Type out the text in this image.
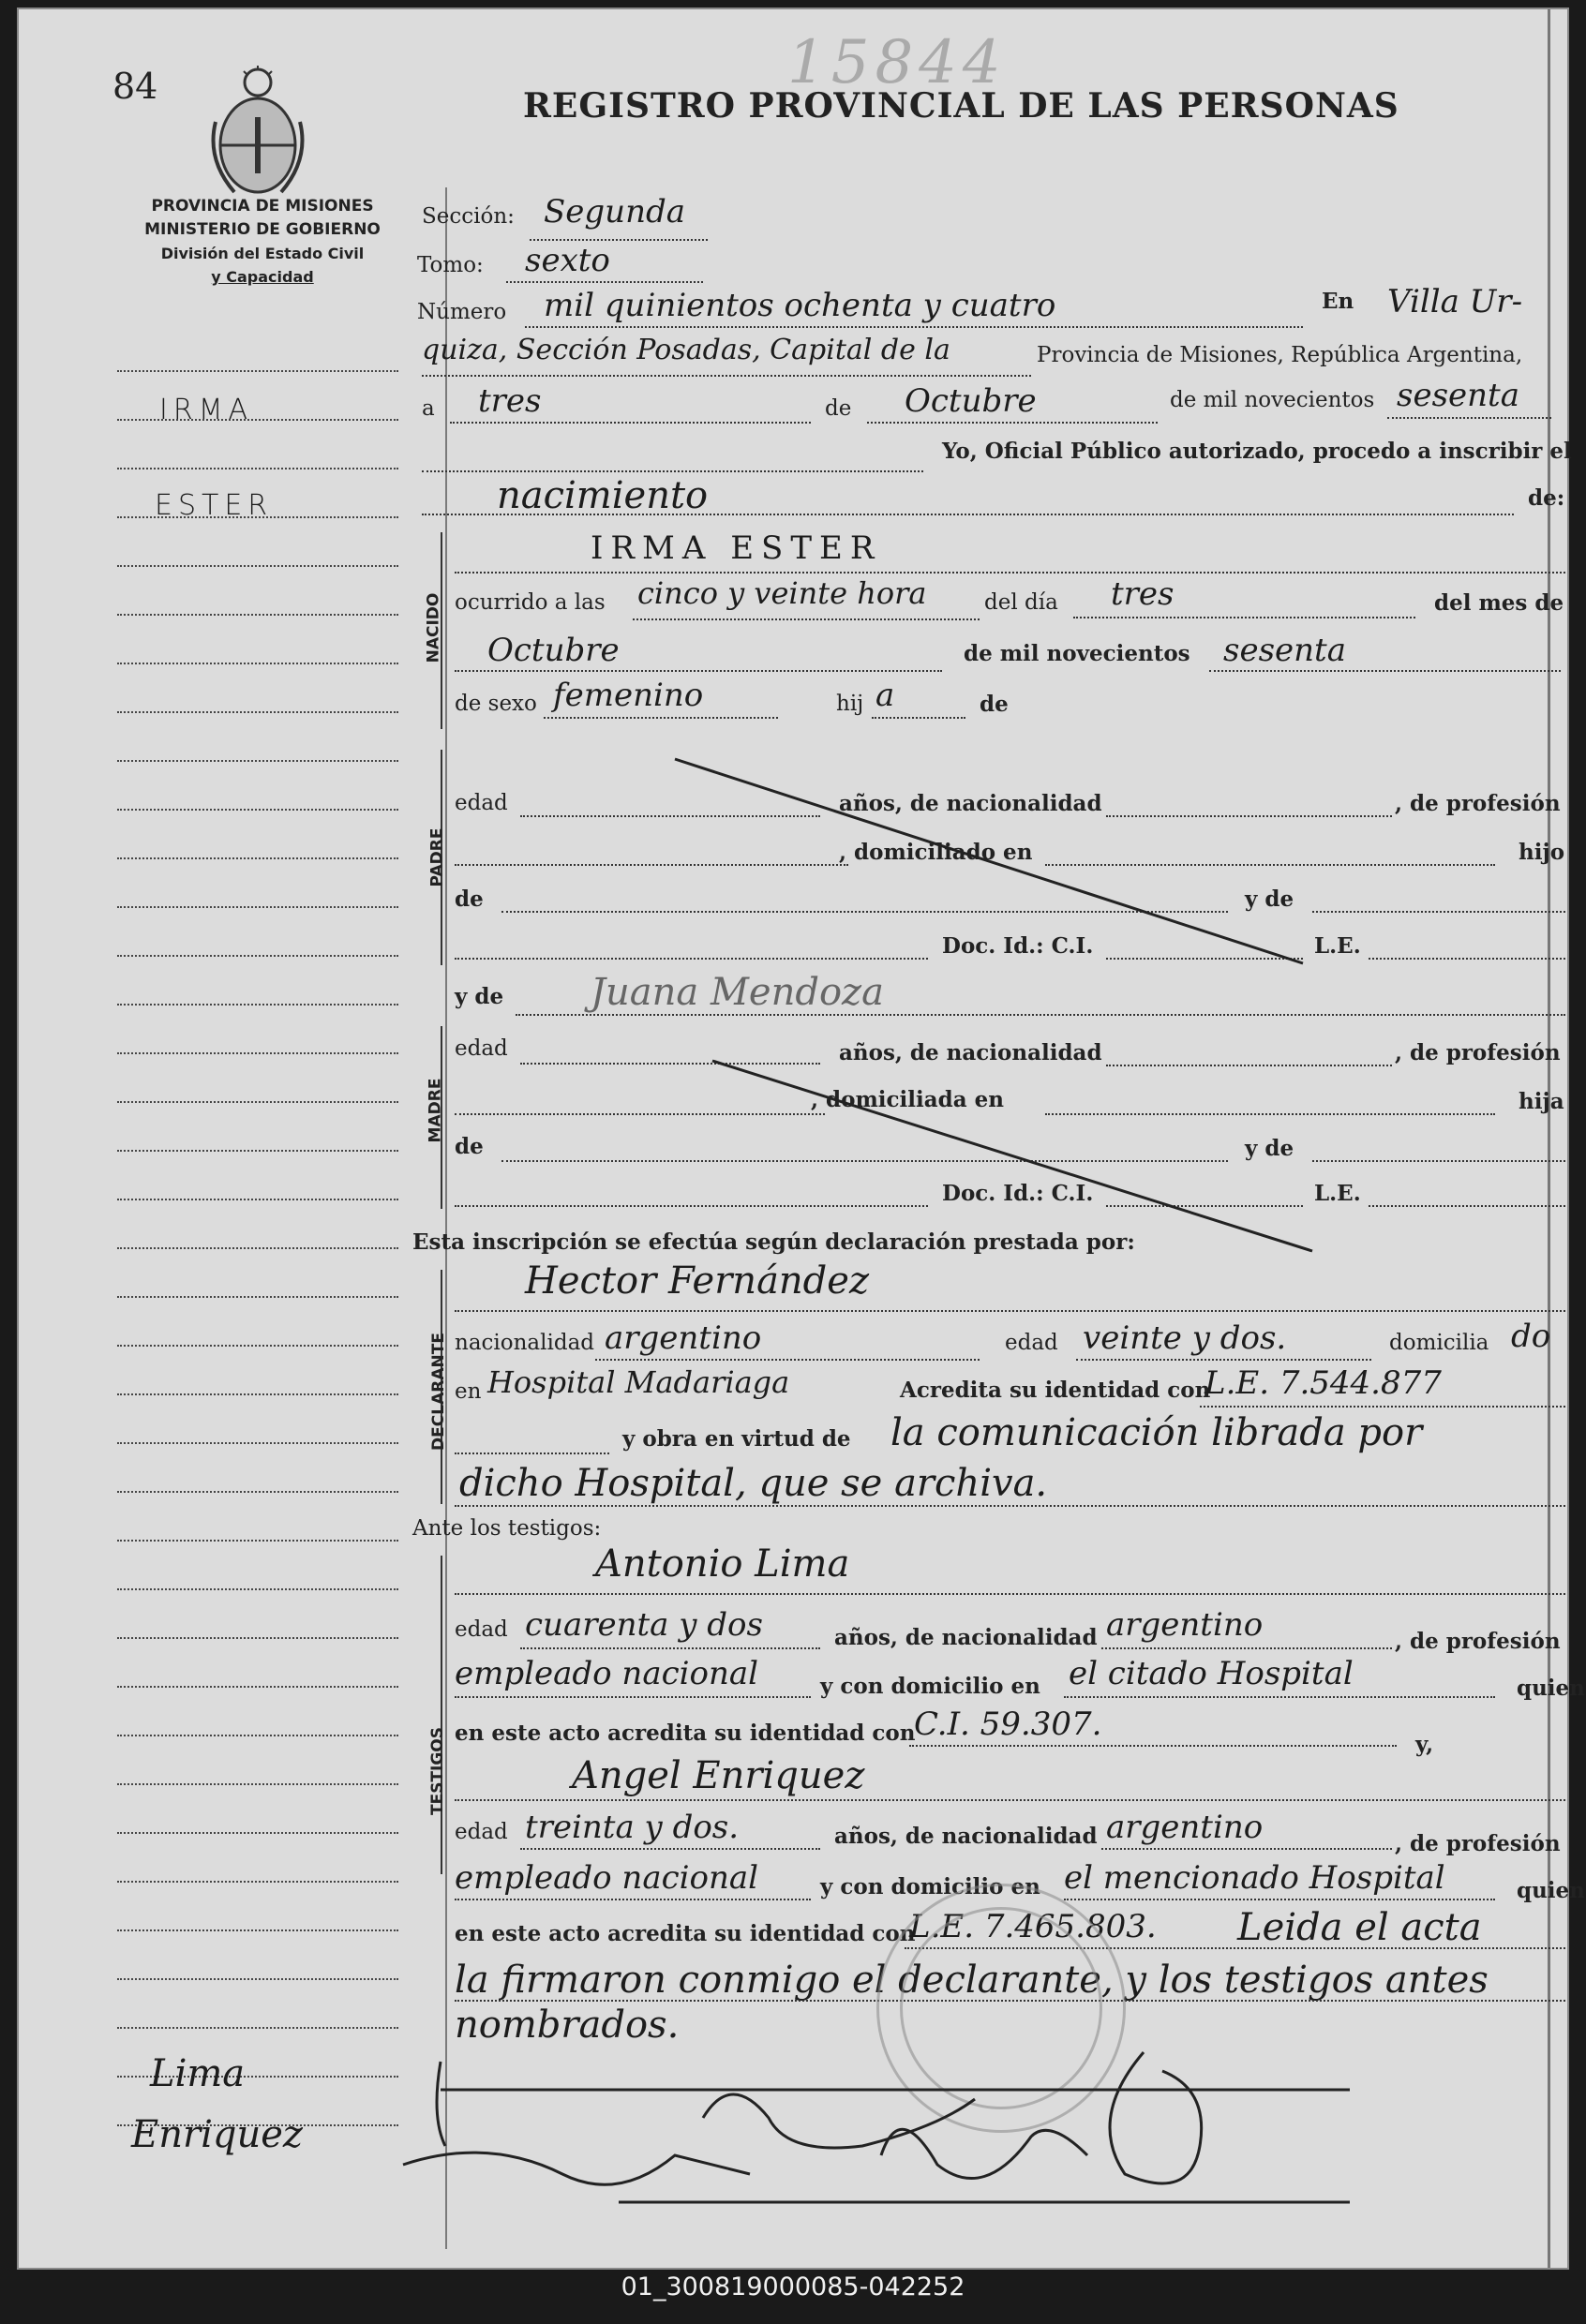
84	15844
REGISTRO PROVINCIAL DE LAS PERSONAS
PROVINCIA DE MISIONES
MINISTERIO DE GOBIERNO
División del Estado Civil
y Capacidad
IRMA
ESTER
Lima
Enriquez
Sección: Segunda
Tomo: sexto
Número mil quinientos ochenta y cuatro	En Villa Ur-
quiza, Sección Posadas, Capital de la	Provincia de Misiones, República Argentina,
a tres	de Octubre	de mil novecientos sesenta
Yo, Oficial Público autorizado, procedo a inscribir el
nacimiento	de:
NACIDO
IRMA ESTER
ocurrido a las cinco y veinte hora	del día tres	del mes de
Octubre	de mil novecientos sesenta
de sexo femenino	hij a	de
PADRE
edad	años, de nacionalidad	, de profesión
, domiciliado en	hijo
de	y de
Doc. Id.: C.I.	L.E.
y de Juana Mendoza
MADRE
edad	años, de nacionalidad	, de profesión
, domiciliada en	hija
de	y de
Doc. Id.: C.I.	L.E.
Esta inscripción se efectúa según declaración prestada por:
DECLARANTE
Hector Fernández
nacionalidad argentino	edad veinte y dos.	domicilia do
en Hospital Madariaga	Acredita su identidad con
L.E. 7.544.877
y obra en virtud de la comunicación librada por
dicho Hospital, que se archiva.
Ante los testigos:
TESTIGOS
Antonio Lima
edad cuarenta y dos	años, de nacionalidad argentino	, de profesión
empleado nacional	y con domicilio en el citado Hospital	quien
en este acto acredita su identidad con
C.I. 59.307.
y,
Angel Enriquez
edad treinta y dos.	años, de nacionalidad argentino	, de profesión
empleado nacional	y con domicilio en el mencionado Hospital	quien
en este acto acredita su identidad con
L.E. 7.465.803. Leida el acta
la firmaron conmigo el declarante, y los testigos antes
nombrados.
01_300819000085-042252
